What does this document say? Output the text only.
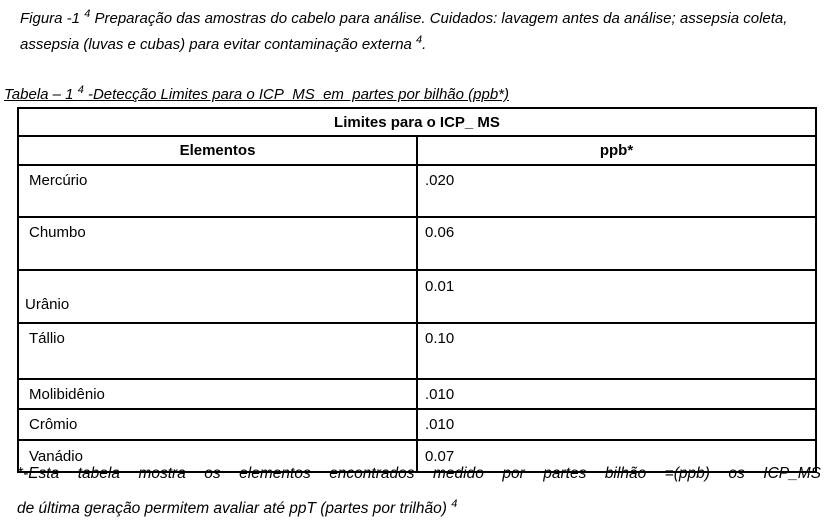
Figura -1 $^4$ Preparação das amostras do cabelo para análise. Cuidados: lavagem antes da análise; assepsia coleta, assepsia (luvas e cubas) para evitar contaminação externa $^4$.

Tabela – 1 $^4$ -Detecção Limites para o ICP_MS  em  partes por bilhão (ppb*)

Limites para o ICP_ MS	
Elementos	ppb*
Mercúrio	.020
Chumbo	0.06
Urânio	0.01
Tállio	0.10
Molibidênio	.010
Crômio	.010
Vanádio	0.07

*-Esta tabela mostra os elementos encontrados medido por partes bilhão =(ppb) os ICP_MS
de última geração permitem avaliar até ppT (partes por trilhão) $^4$
